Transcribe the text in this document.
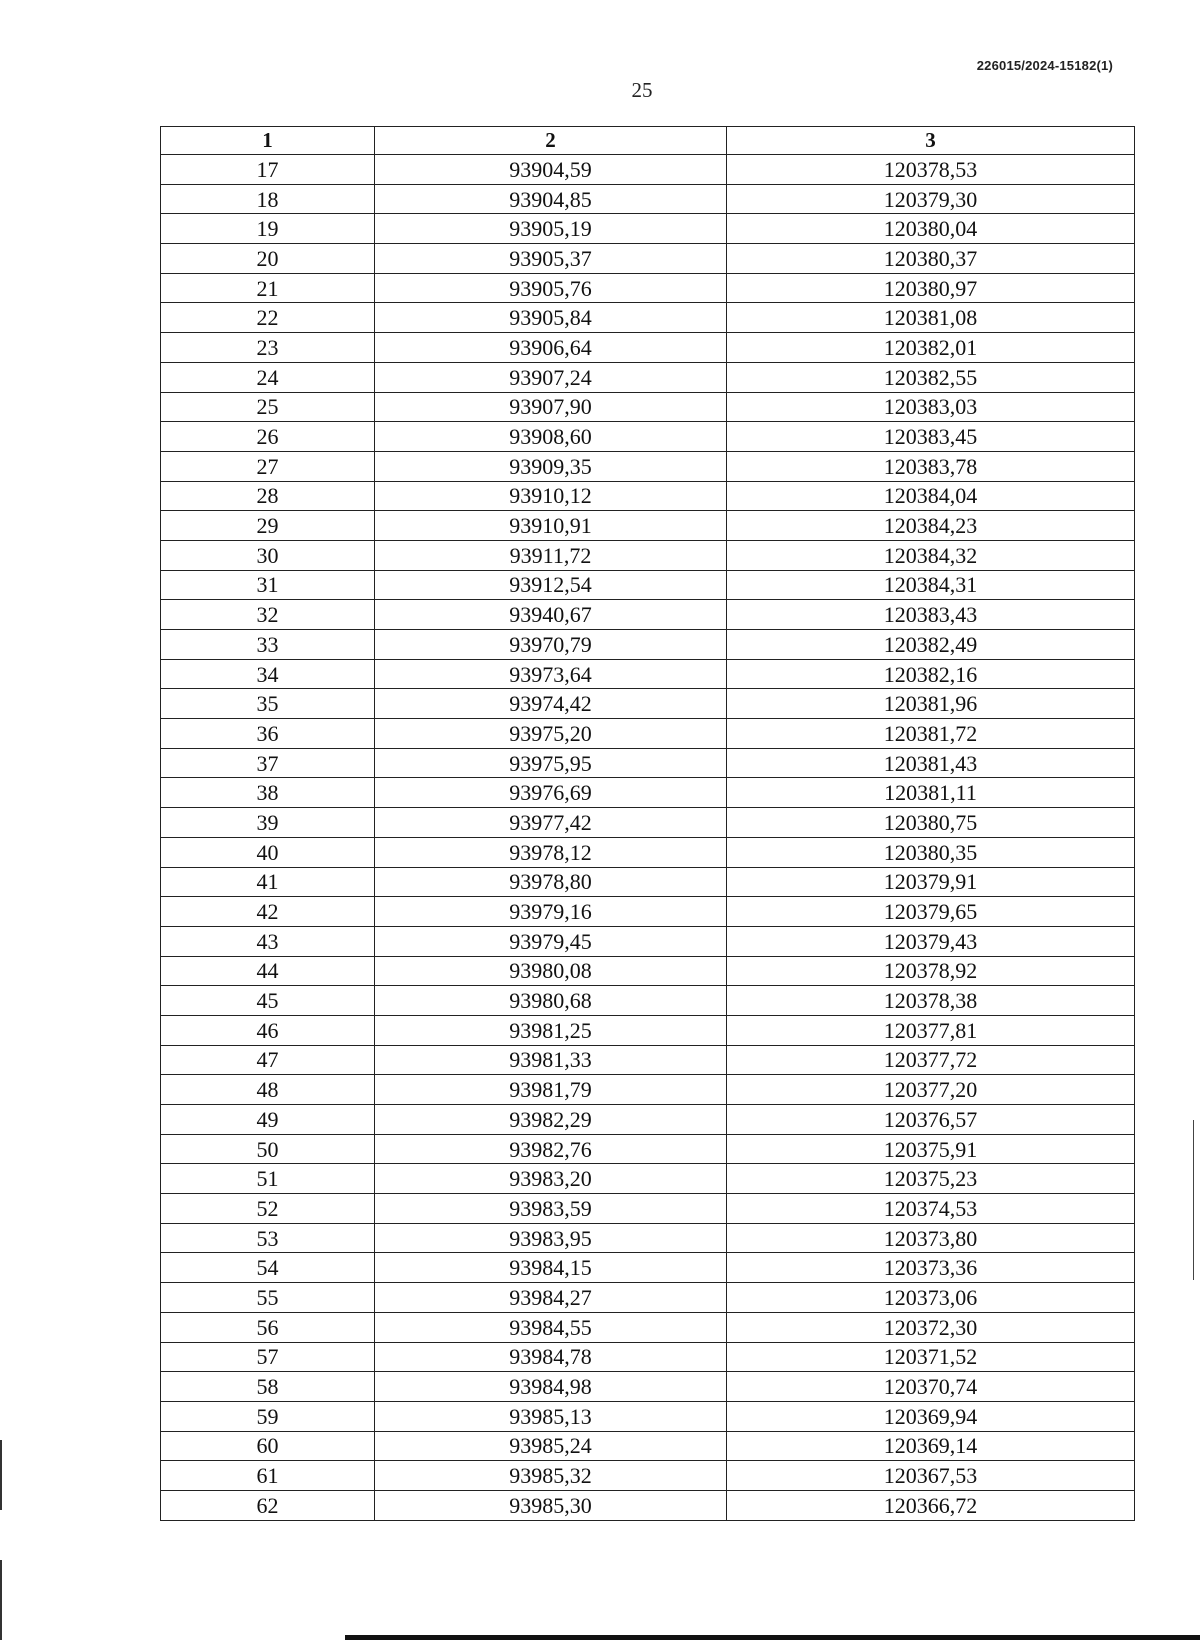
226015/2024-15182(1)
25
1	2	3
17	93904,59	120378,53
18	93904,85	120379,30
19	93905,19	120380,04
20	93905,37	120380,37
21	93905,76	120380,97
22	93905,84	120381,08
23	93906,64	120382,01
24	93907,24	120382,55
25	93907,90	120383,03
26	93908,60	120383,45
27	93909,35	120383,78
28	93910,12	120384,04
29	93910,91	120384,23
30	93911,72	120384,32
31	93912,54	120384,31
32	93940,67	120383,43
33	93970,79	120382,49
34	93973,64	120382,16
35	93974,42	120381,96
36	93975,20	120381,72
37	93975,95	120381,43
38	93976,69	120381,11
39	93977,42	120380,75
40	93978,12	120380,35
41	93978,80	120379,91
42	93979,16	120379,65
43	93979,45	120379,43
44	93980,08	120378,92
45	93980,68	120378,38
46	93981,25	120377,81
47	93981,33	120377,72
48	93981,79	120377,20
49	93982,29	120376,57
50	93982,76	120375,91
51	93983,20	120375,23
52	93983,59	120374,53
53	93983,95	120373,80
54	93984,15	120373,36
55	93984,27	120373,06
56	93984,55	120372,30
57	93984,78	120371,52
58	93984,98	120370,74
59	93985,13	120369,94
60	93985,24	120369,14
61	93985,32	120367,53
62	93985,30	120366,72
